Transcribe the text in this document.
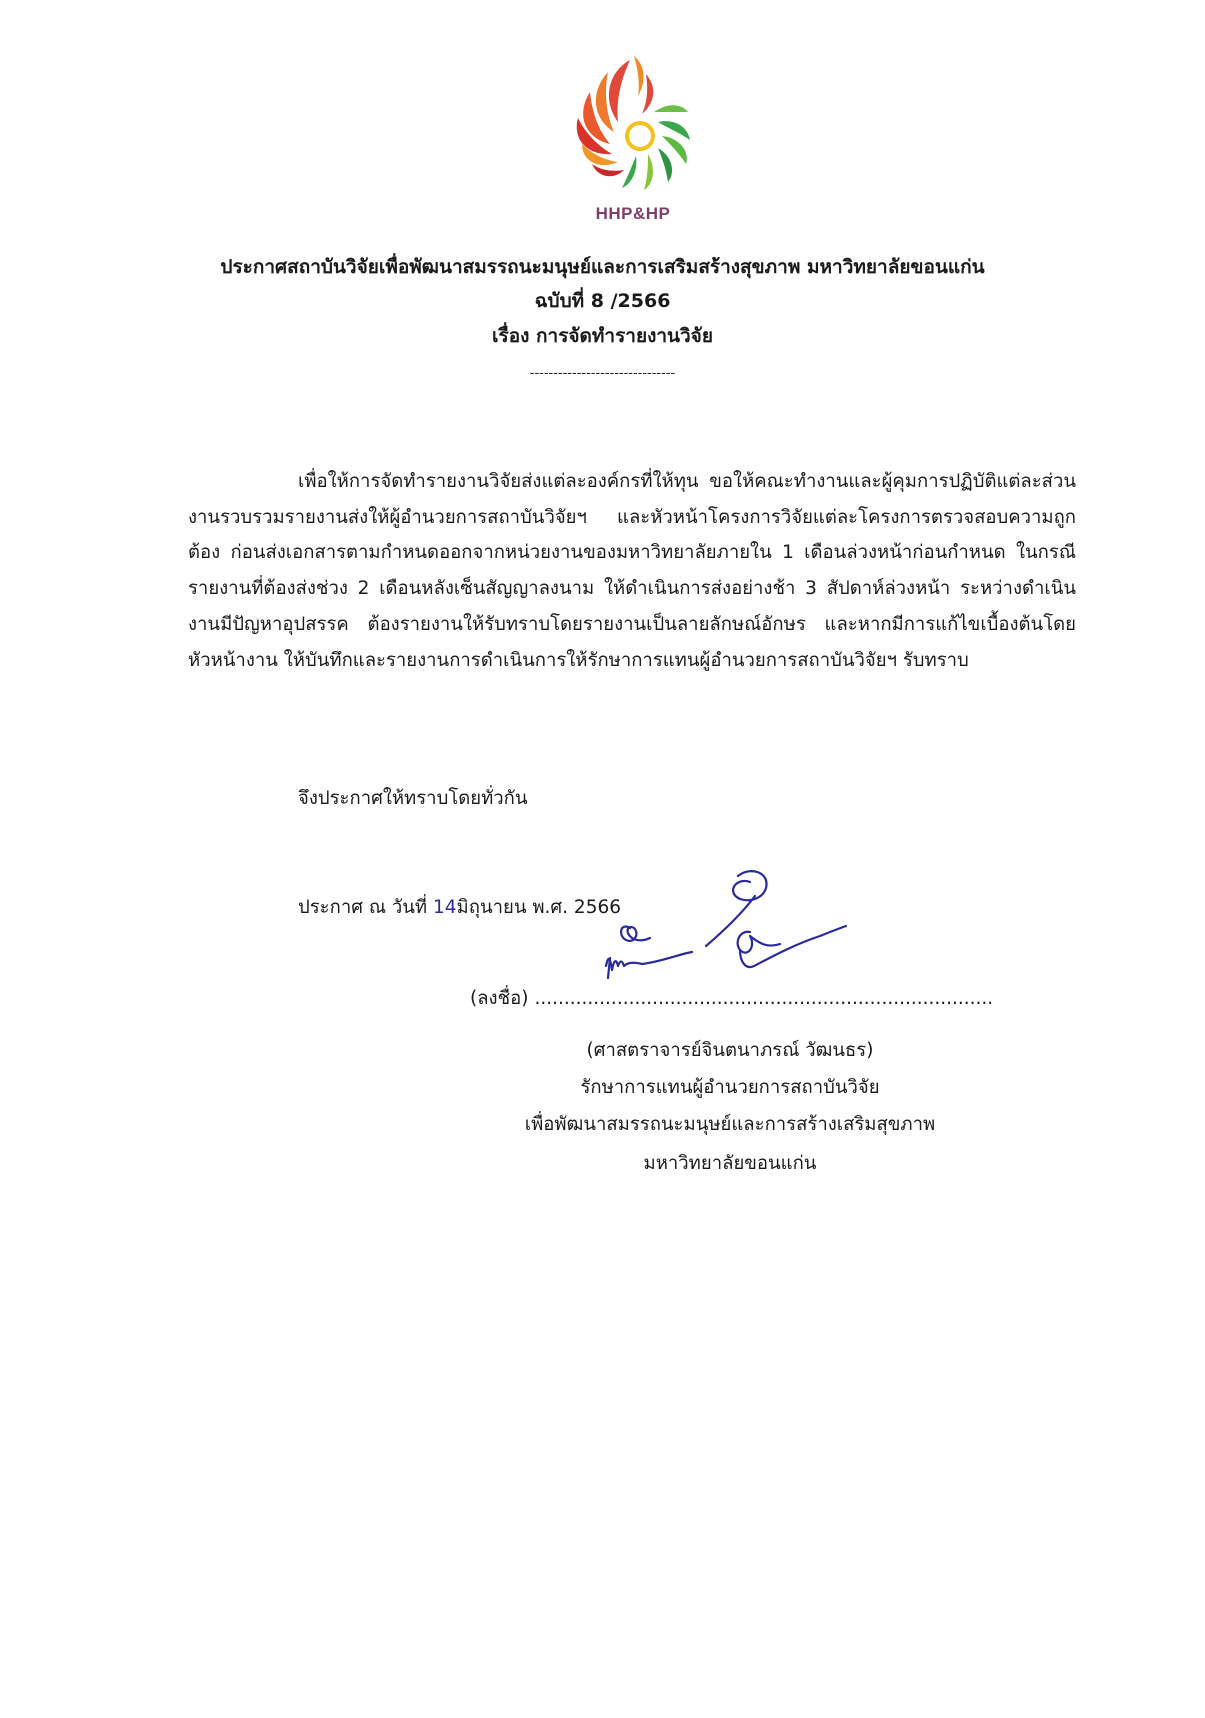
HHP&HP
ประกาศสถาบันวิจัยเพื่อพัฒนาสมรรถนะมนุษย์และการเสริมสร้างสุขภาพ มหาวิทยาลัยขอนแก่น
ฉบับที่ 8 /2566
เรื่อง การจัดทำรายงานวิจัย
-------------------------------
เพื่อให้การจัดทำรายงานวิจัยส่งแต่ละองค์กรที่ให้ทุน ขอให้คณะทำงานและผู้คุมการปฏิบัติแต่ละส่วนงานรวบรวมรายงานส่งให้ผู้อำนวยการสถาบันวิจัยฯ และหัวหน้าโครงการวิจัยแต่ละโครงการตรวจสอบความถูกต้อง ก่อนส่งเอกสารตามกำหนดออกจากหน่วยงานของมหาวิทยาลัยภายใน 1 เดือนล่วงหน้าก่อนกำหนด ในกรณีรายงานที่ต้องส่งช่วง 2 เดือนหลังเซ็นสัญญาลงนาม ให้ดำเนินการส่งอย่างช้า 3 สัปดาห์ล่วงหน้า ระหว่างดำเนินงานมีปัญหาอุปสรรค ต้องรายงานให้รับทราบโดยรายงานเป็นลายลักษณ์อักษร และหากมีการแก้ไขเบื้องต้นโดยหัวหน้างาน ให้บันทึกและรายงานการดำเนินการให้รักษาการแทนผู้อำนวยการสถาบันวิจัยฯ รับทราบ
จึงประกาศให้ทราบโดยทั่วกัน
ประกาศ ณ วันที่ 14มิถุนายน พ.ศ. 2566
(ลงชื่อ) ..............................................................................
(ศาสตราจารย์จินตนาภรณ์ วัฒนธร)
รักษาการแทนผู้อำนวยการสถาบันวิจัย
เพื่อพัฒนาสมรรถนะมนุษย์และการสร้างเสริมสุขภาพ
มหาวิทยาลัยขอนแก่น
